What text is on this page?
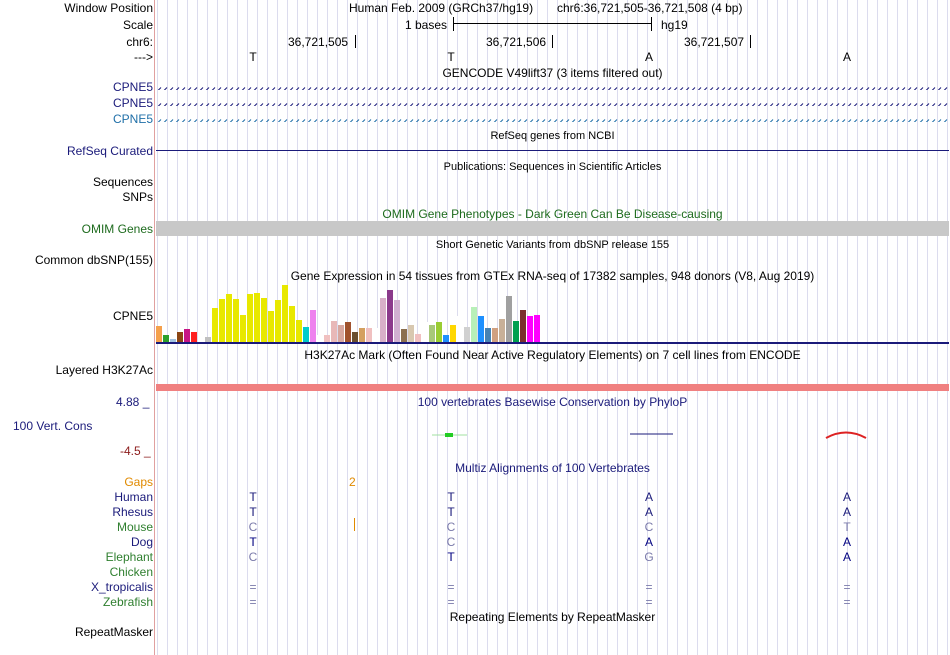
Window Position	Human Feb. 2009 (GRCh37/hg19) chr6:36,721,505-36,721,508 (4 bp)
Scale	1 bases	hg19
chr6:	36,721,505	36,721,506	36,721,507
--->	T	T	A	A
GENCODE V49lift37 (3 items filtered out)
CPNE5
CPNE5
CPNE5
RefSeq genes from NCBI
RefSeq Curated
Publications: Sequences in Scientific Articles
Sequences
SNPs
OMIM Gene Phenotypes - Dark Green Can Be Disease-causing
OMIM Genes
Short Genetic Variants from dbSNP release 155
Common dbSNP(155)
Gene Expression in 54 tissues from GTEx RNA-seq of 17382 samples, 948 donors (V8, Aug 2019)
CPNE5
H3K27Ac Mark (Often Found Near Active Regulatory Elements) on 7 cell lines from ENCODE
Layered H3K27Ac
4.88 _	100 vertebrates Basewise Conservation by PhyloP
100 Vert. Cons
-4.5 _
Multiz Alignments of 100 Vertebrates
Gaps	2
Human	T	T	A	A
Rhesus	T	T	A	A
Mouse	C	C	C	T
Dog	T	C	A	A
Elephant	C	T	G	A
Chicken
X_tropicalis	=	=	=	=
Zebrafish	=	=	=	=
Repeating Elements by RepeatMasker
RepeatMasker
